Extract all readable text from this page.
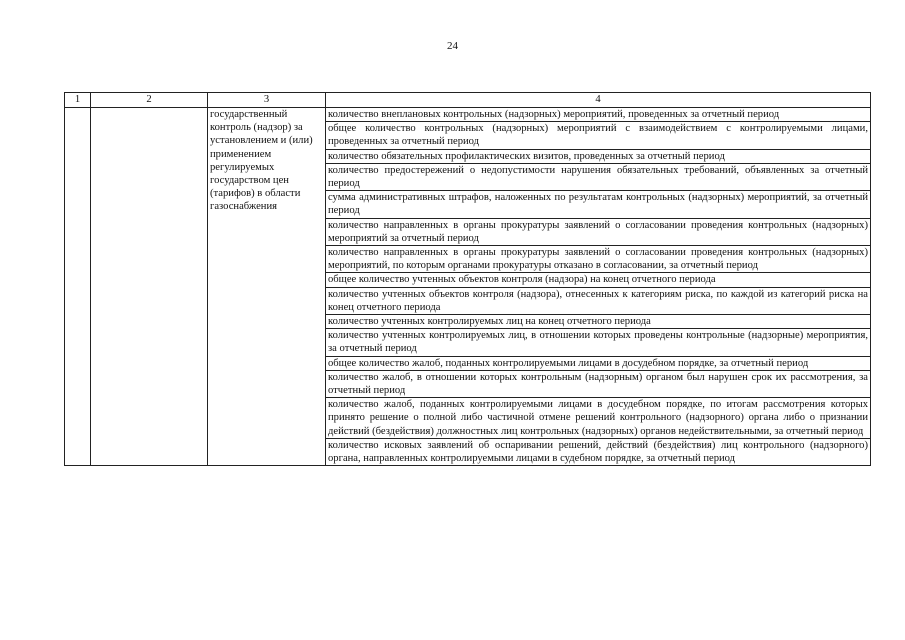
24
1	2	3	4
		государственный контроль (надзор) за установлением и (или) применением регулируемых государством цен (тарифов) в области газоснабжения	количество внеплановых контрольных (надзорных) мероприятий, проведенных за отчетный период
			общее количество контрольных (надзорных) мероприятий с взаимодействием с контролируемыми лицами, проведенных за отчетный период
			количество обязательных профилактических визитов, проведенных за отчетный период
			количество предостережений о недопустимости нарушения обязательных требований, объявленных за отчетный период
			сумма административных штрафов, наложенных по результатам контрольных (надзорных) мероприятий, за отчетный период
			количество направленных в органы прокуратуры заявлений о согласовании проведения контрольных (надзорных) мероприятий за отчетный период
			количество направленных в органы прокуратуры заявлений о согласовании проведения контрольных (надзорных) мероприятий, по которым органами прокуратуры отказано в согласовании, за отчетный период
			общее количество учтенных объектов контроля (надзора) на конец отчетного периода
			количество учтенных объектов контроля (надзора), отнесенных к категориям риска, по каждой из категорий риска на конец отчетного периода
			количество учтенных контролируемых лиц на конец отчетного периода
			количество учтенных контролируемых лиц, в отношении которых проведены контрольные (надзорные) мероприятия, за отчетный период
			общее количество жалоб, поданных контролируемыми лицами в досудебном порядке, за отчетный период
			количество жалоб, в отношении которых контрольным (надзорным) органом был нарушен срок их рассмотрения, за отчетный период
			количество жалоб, поданных контролируемыми лицами в досудебном порядке, по итогам рассмотрения которых принято решение о полной либо частичной отмене решений контрольного (надзорного) органа либо о признании действий (бездействия) должностных лиц контрольных (надзорных) органов недействительными, за отчетный период
			количество исковых заявлений об оспаривании решений, действий (бездействия) лиц контрольного (надзорного) органа, направленных контролируемыми лицами в судебном порядке, за отчетный период
